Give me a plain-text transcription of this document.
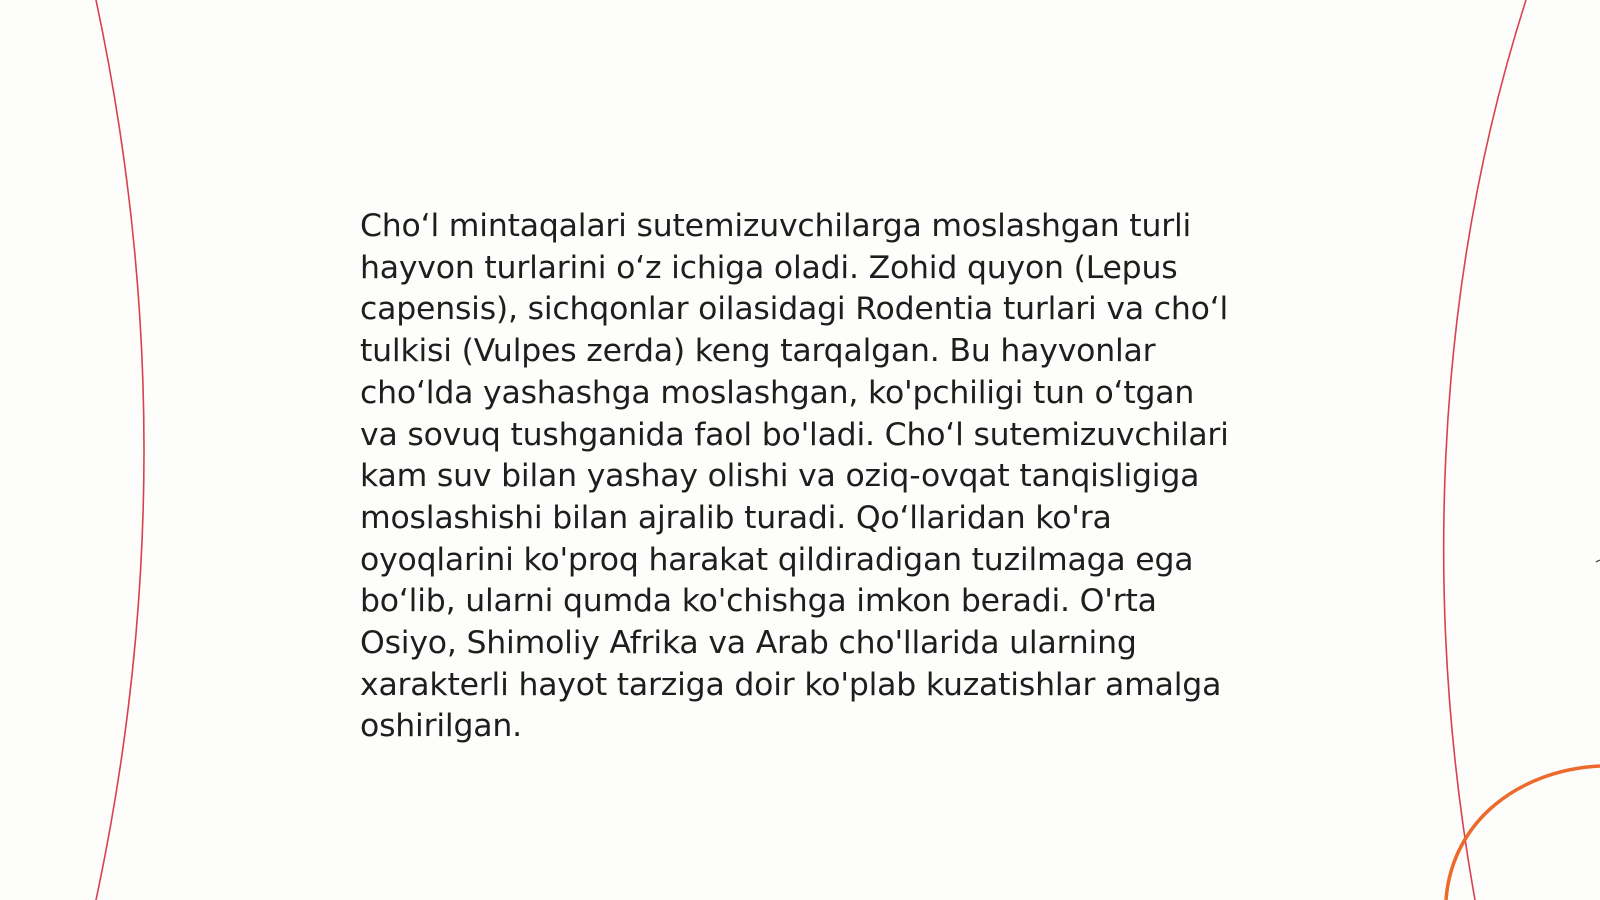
Cho‘l mintaqalari sutemizuvchilarga moslashgan turli hayvon turlarini o‘z ichiga oladi. Zohid quyon (Lepus capensis), sichqonlar oilasidagi Rodentia turlari va cho‘l tulkisi (Vulpes zerda) keng tarqalgan. Bu hayvonlar cho‘lda yashashga moslashgan, ko'pchiligi tun o‘tgan va sovuq tushganida faol bo'ladi. Cho‘l sutemizuvchilari kam suv bilan yashay olishi va oziq-ovqat tanqisligiga moslashishi bilan ajralib turadi. Qo‘llaridan ko'ra oyoqlarini ko'proq harakat qildiradigan tuzilmaga ega bo‘lib, ularni qumda ko'chishga imkon beradi. O'rta Osiyo, Shimoliy Afrika va Arab cho'llarida ularning xarakterli hayot tarziga doir ko'plab kuzatishlar amalga oshirilgan.
